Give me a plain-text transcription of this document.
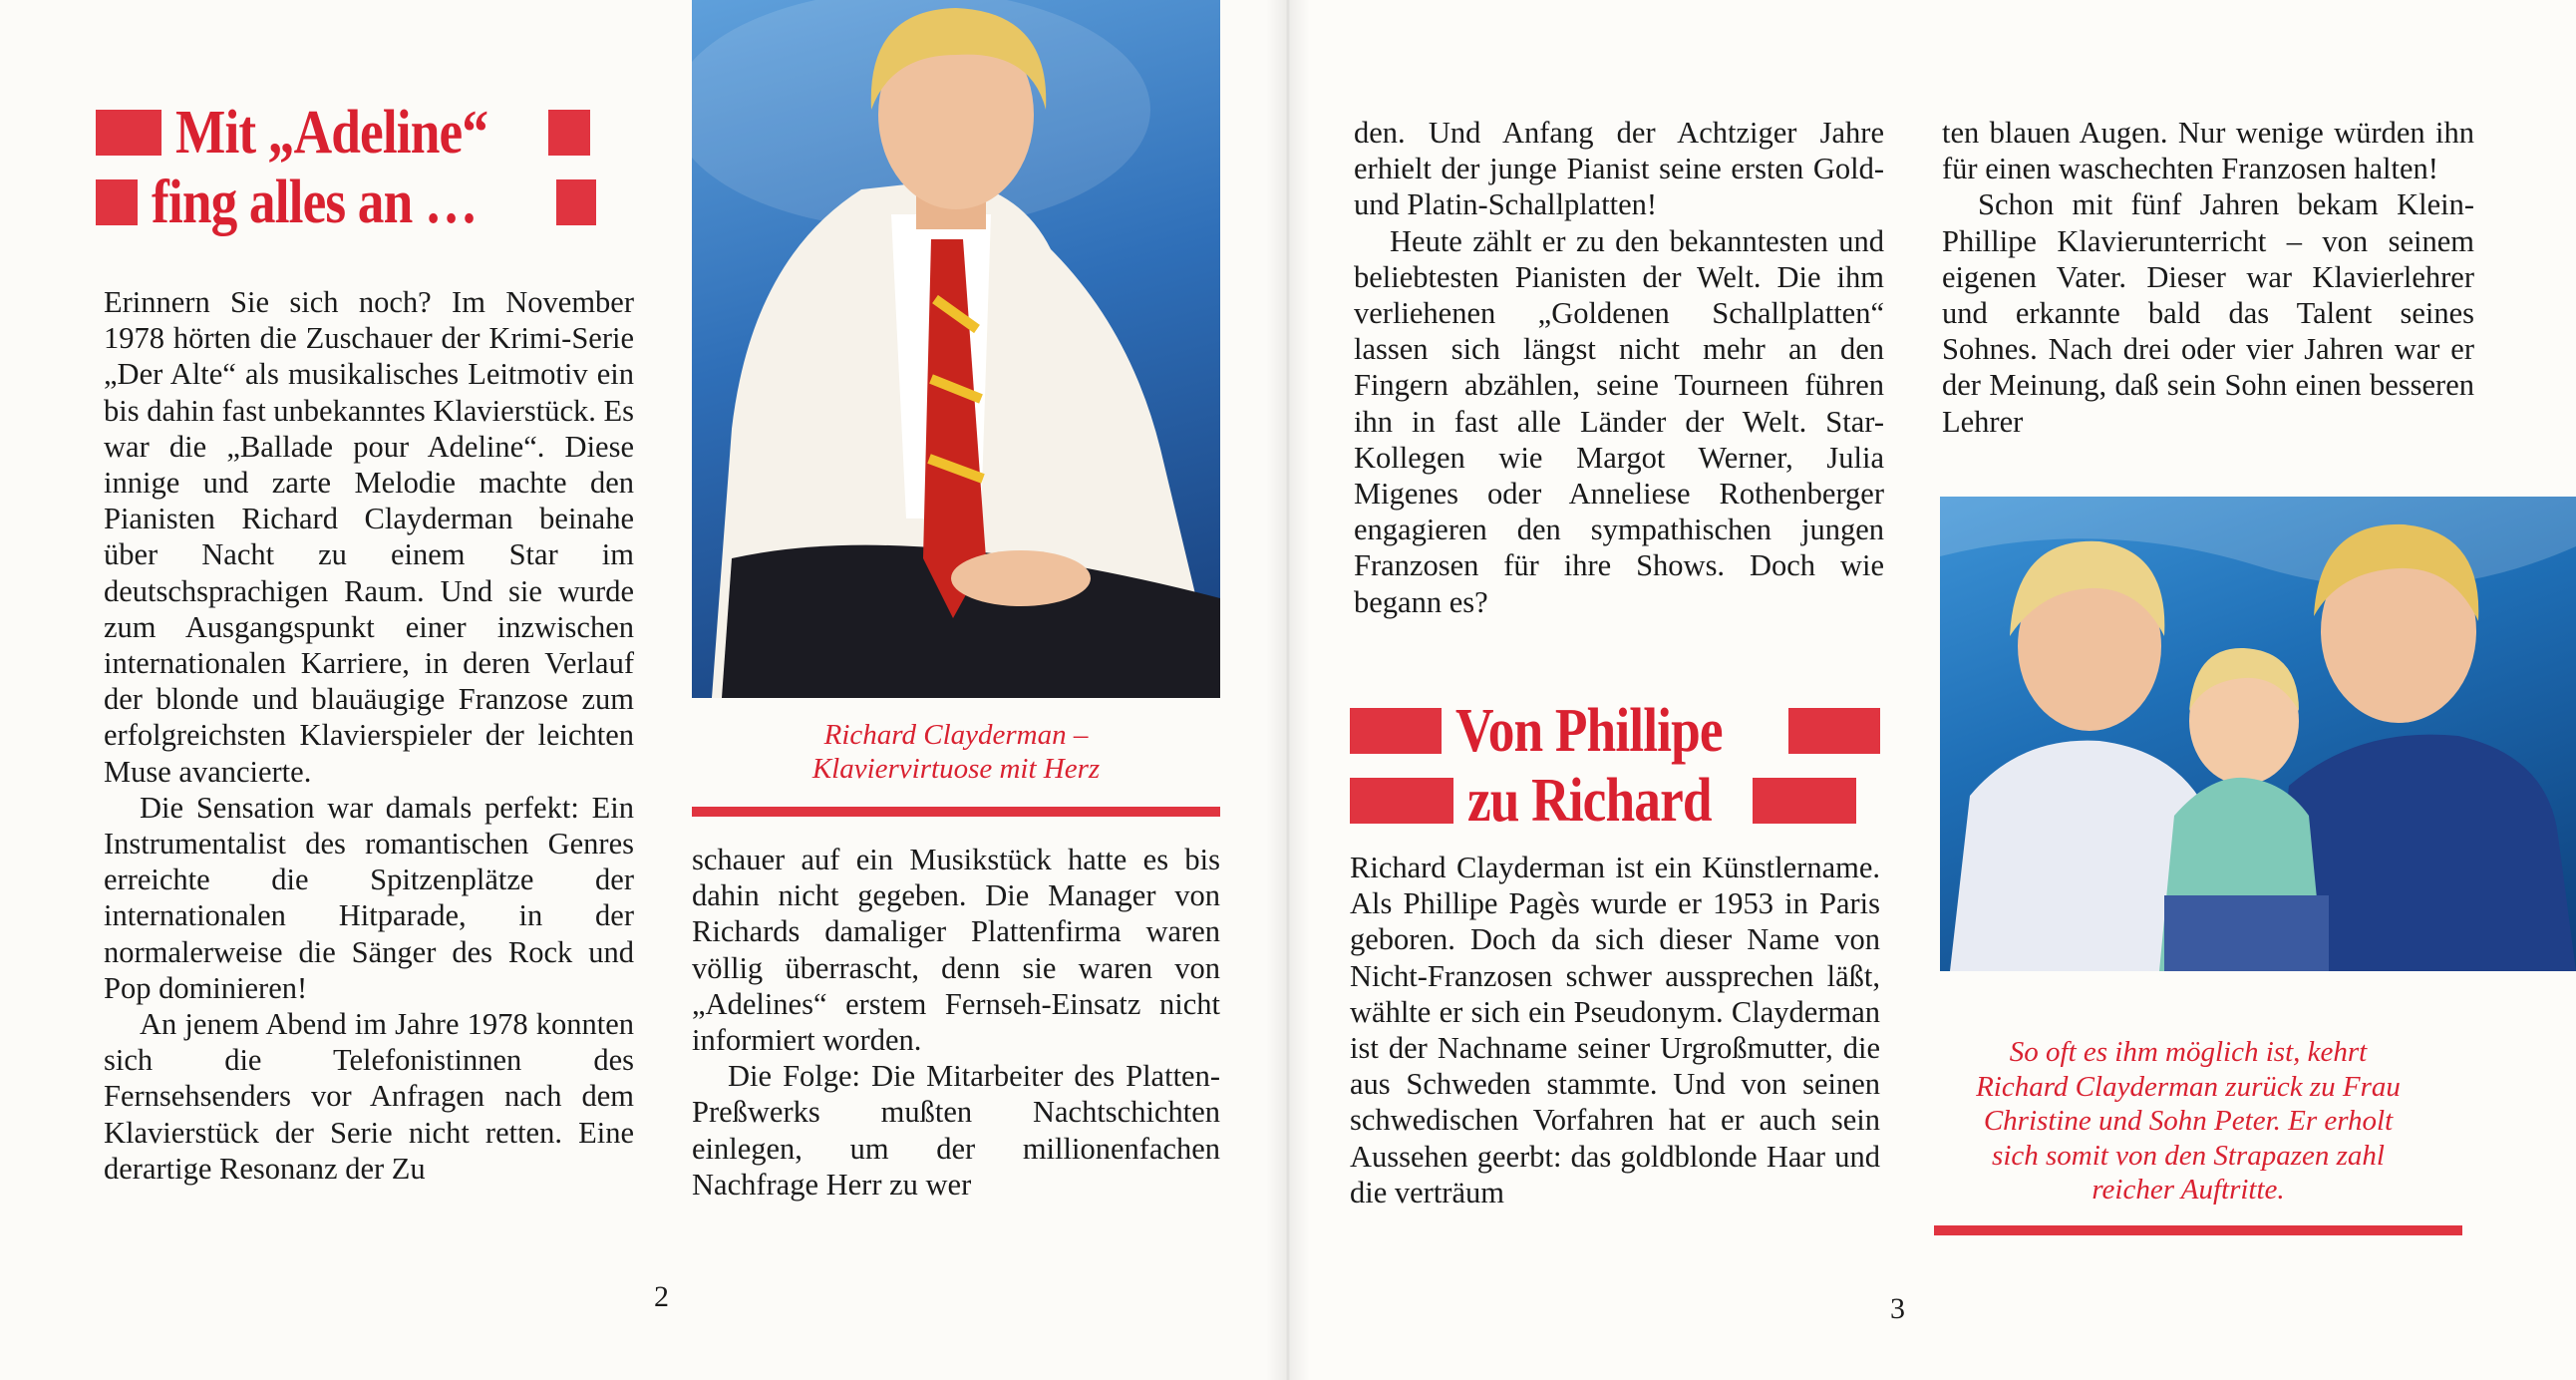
Mit „Adeline“
fing alles an …

Erinnern Sie sich noch? Im November 1978 hörten die Zuschauer der Krimi-Serie „Der Alte“ als musikalisches Leitmotiv ein bis dahin fast unbekanntes Klavierstück. Es war die „Ballade pour Adeline“. Diese innige und zarte Melodie machte den Pianisten Richard Clayderman beinahe über Nacht zu einem Star im deutschsprachigen Raum. Und sie wurde zum Ausgangspunkt einer inzwischen internationalen Karriere, in deren Verlauf der blonde und blauäugige Franzose zum erfolgreichsten Klavierspieler der leichten Muse avancierte.

Die Sensation war damals perfekt: Ein Instrumentalist des romantischen Genres erreichte die Spitzenplätze der internationalen Hitparade, in der normalerweise die Sänger des Rock und Pop dominieren!

An jenem Abend im Jahre 1978 konnten sich die Telefonistinnen des Fernsehsenders vor Anfragen nach dem Klavierstück der Serie nicht retten. Eine derartige Resonanz der Zu

Richard Clayderman –
Klaviervirtuose mit Herz

schauer auf ein Musikstück hatte es bis dahin nicht gegeben. Die Manager von Richards damaliger Plattenfirma waren völlig überrascht, denn sie waren von „Adelines“ erstem Fernseh-Einsatz nicht informiert worden.

Die Folge: Die Mitarbeiter des Platten-Preßwerks mußten Nachtschichten einlegen, um der millionenfachen Nachfrage Herr zu wer

2

den. Und Anfang der Achtziger Jahre erhielt der junge Pianist seine ersten Gold- und Platin-Schallplatten!

Heute zählt er zu den bekanntesten und beliebtesten Pianisten der Welt. Die ihm verliehenen „Goldenen Schallplatten“ lassen sich längst nicht mehr an den Fingern abzählen, seine Tourneen führen ihn in fast alle Länder der Welt. Star-Kollegen wie Margot Werner, Julia Migenes oder Anneliese Rothenberger engagieren den sympathischen jungen Franzosen für ihre Shows. Doch wie begann es?

Von Phillipe
zu Richard

Richard Clayderman ist ein Künstlername. Als Phillipe Pagès wurde er 1953 in Paris geboren. Doch da sich dieser Name von Nicht-Franzosen schwer aussprechen läßt, wählte er sich ein Pseudonym. Clayderman ist der Nachname seiner Urgroßmutter, die aus Schweden stammte. Und von seinen schwedischen Vorfahren hat er auch sein Aussehen geerbt: das goldblonde Haar und die verträum

ten blauen Augen. Nur wenige würden ihn für einen waschechten Franzosen halten!

Schon mit fünf Jahren bekam Klein-Phillipe Klavierunterricht – von seinem eigenen Vater. Dieser war Klavierlehrer und erkannte bald das Talent seines Sohnes. Nach drei oder vier Jahren war er der Meinung, daß sein Sohn einen besseren Lehrer

So oft es ihm möglich ist, kehrt
Richard Clayderman zurück zu Frau
Christine und Sohn Peter. Er erholt
sich somit von den Strapazen zahl
reicher Auftritte.
3
